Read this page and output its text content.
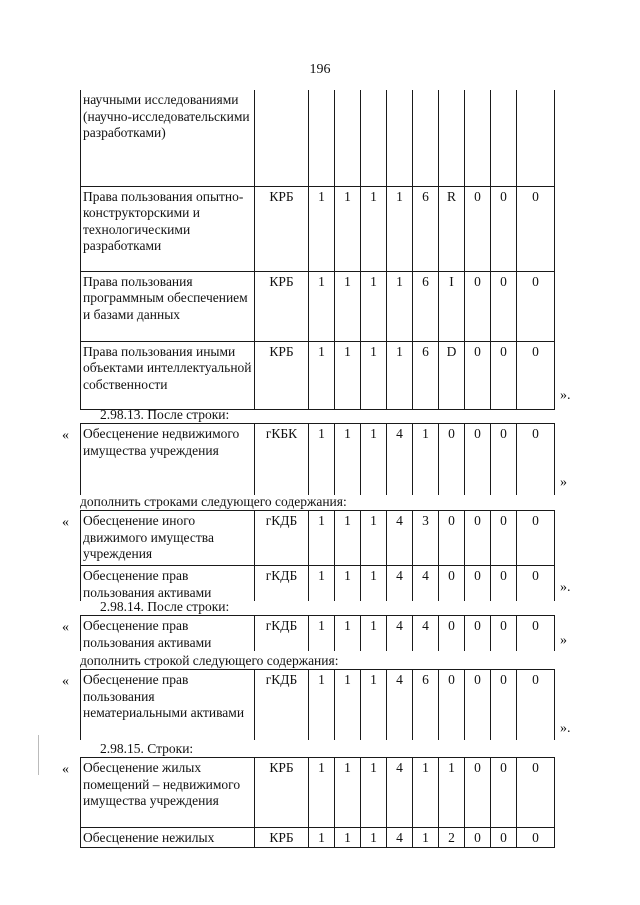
196
научными исследованиями (научно-исследовательскими разработками)										
Права пользования опытно-конструкторскими и технологическими разработками	КРБ	1	1	1	1	6	R	0	0	0
Права пользования программным обеспечением и базами данных	КРБ	1	1	1	1	6	I	0	0	0
Права пользования иными объектами интеллектуальной собственности	КРБ	1	1	1	1	6	D	0	0	0
».
2.98.13. После строки:
« Обесценение недвижимого имущества учреждения	гКБК	1	1	1	4	1	0	0	0	0
»
дополнить строками следующего содержания:
« Обесценение иного движимого имущества учреждения	гКДБ	1	1	1	4	3	0	0	0	0
Обесценение прав пользования активами	гКДБ	1	1	1	4	4	0	0	0	0
».
2.98.14. После строки:
« Обесценение прав пользования активами	гКДБ	1	1	1	4	4	0	0	0	0
»
дополнить строкой следующего содержания:
« Обесценение прав пользования нематериальными активами	гКДБ	1	1	1	4	6	0	0	0	0
».
2.98.15. Строки:
« Обесценение жилых помещений – недвижимого имущества учреждения	КРБ	1	1	1	4	1	1	0	0	0
Обесценение нежилых	КРБ	1	1	1	4	1	2	0	0	0
